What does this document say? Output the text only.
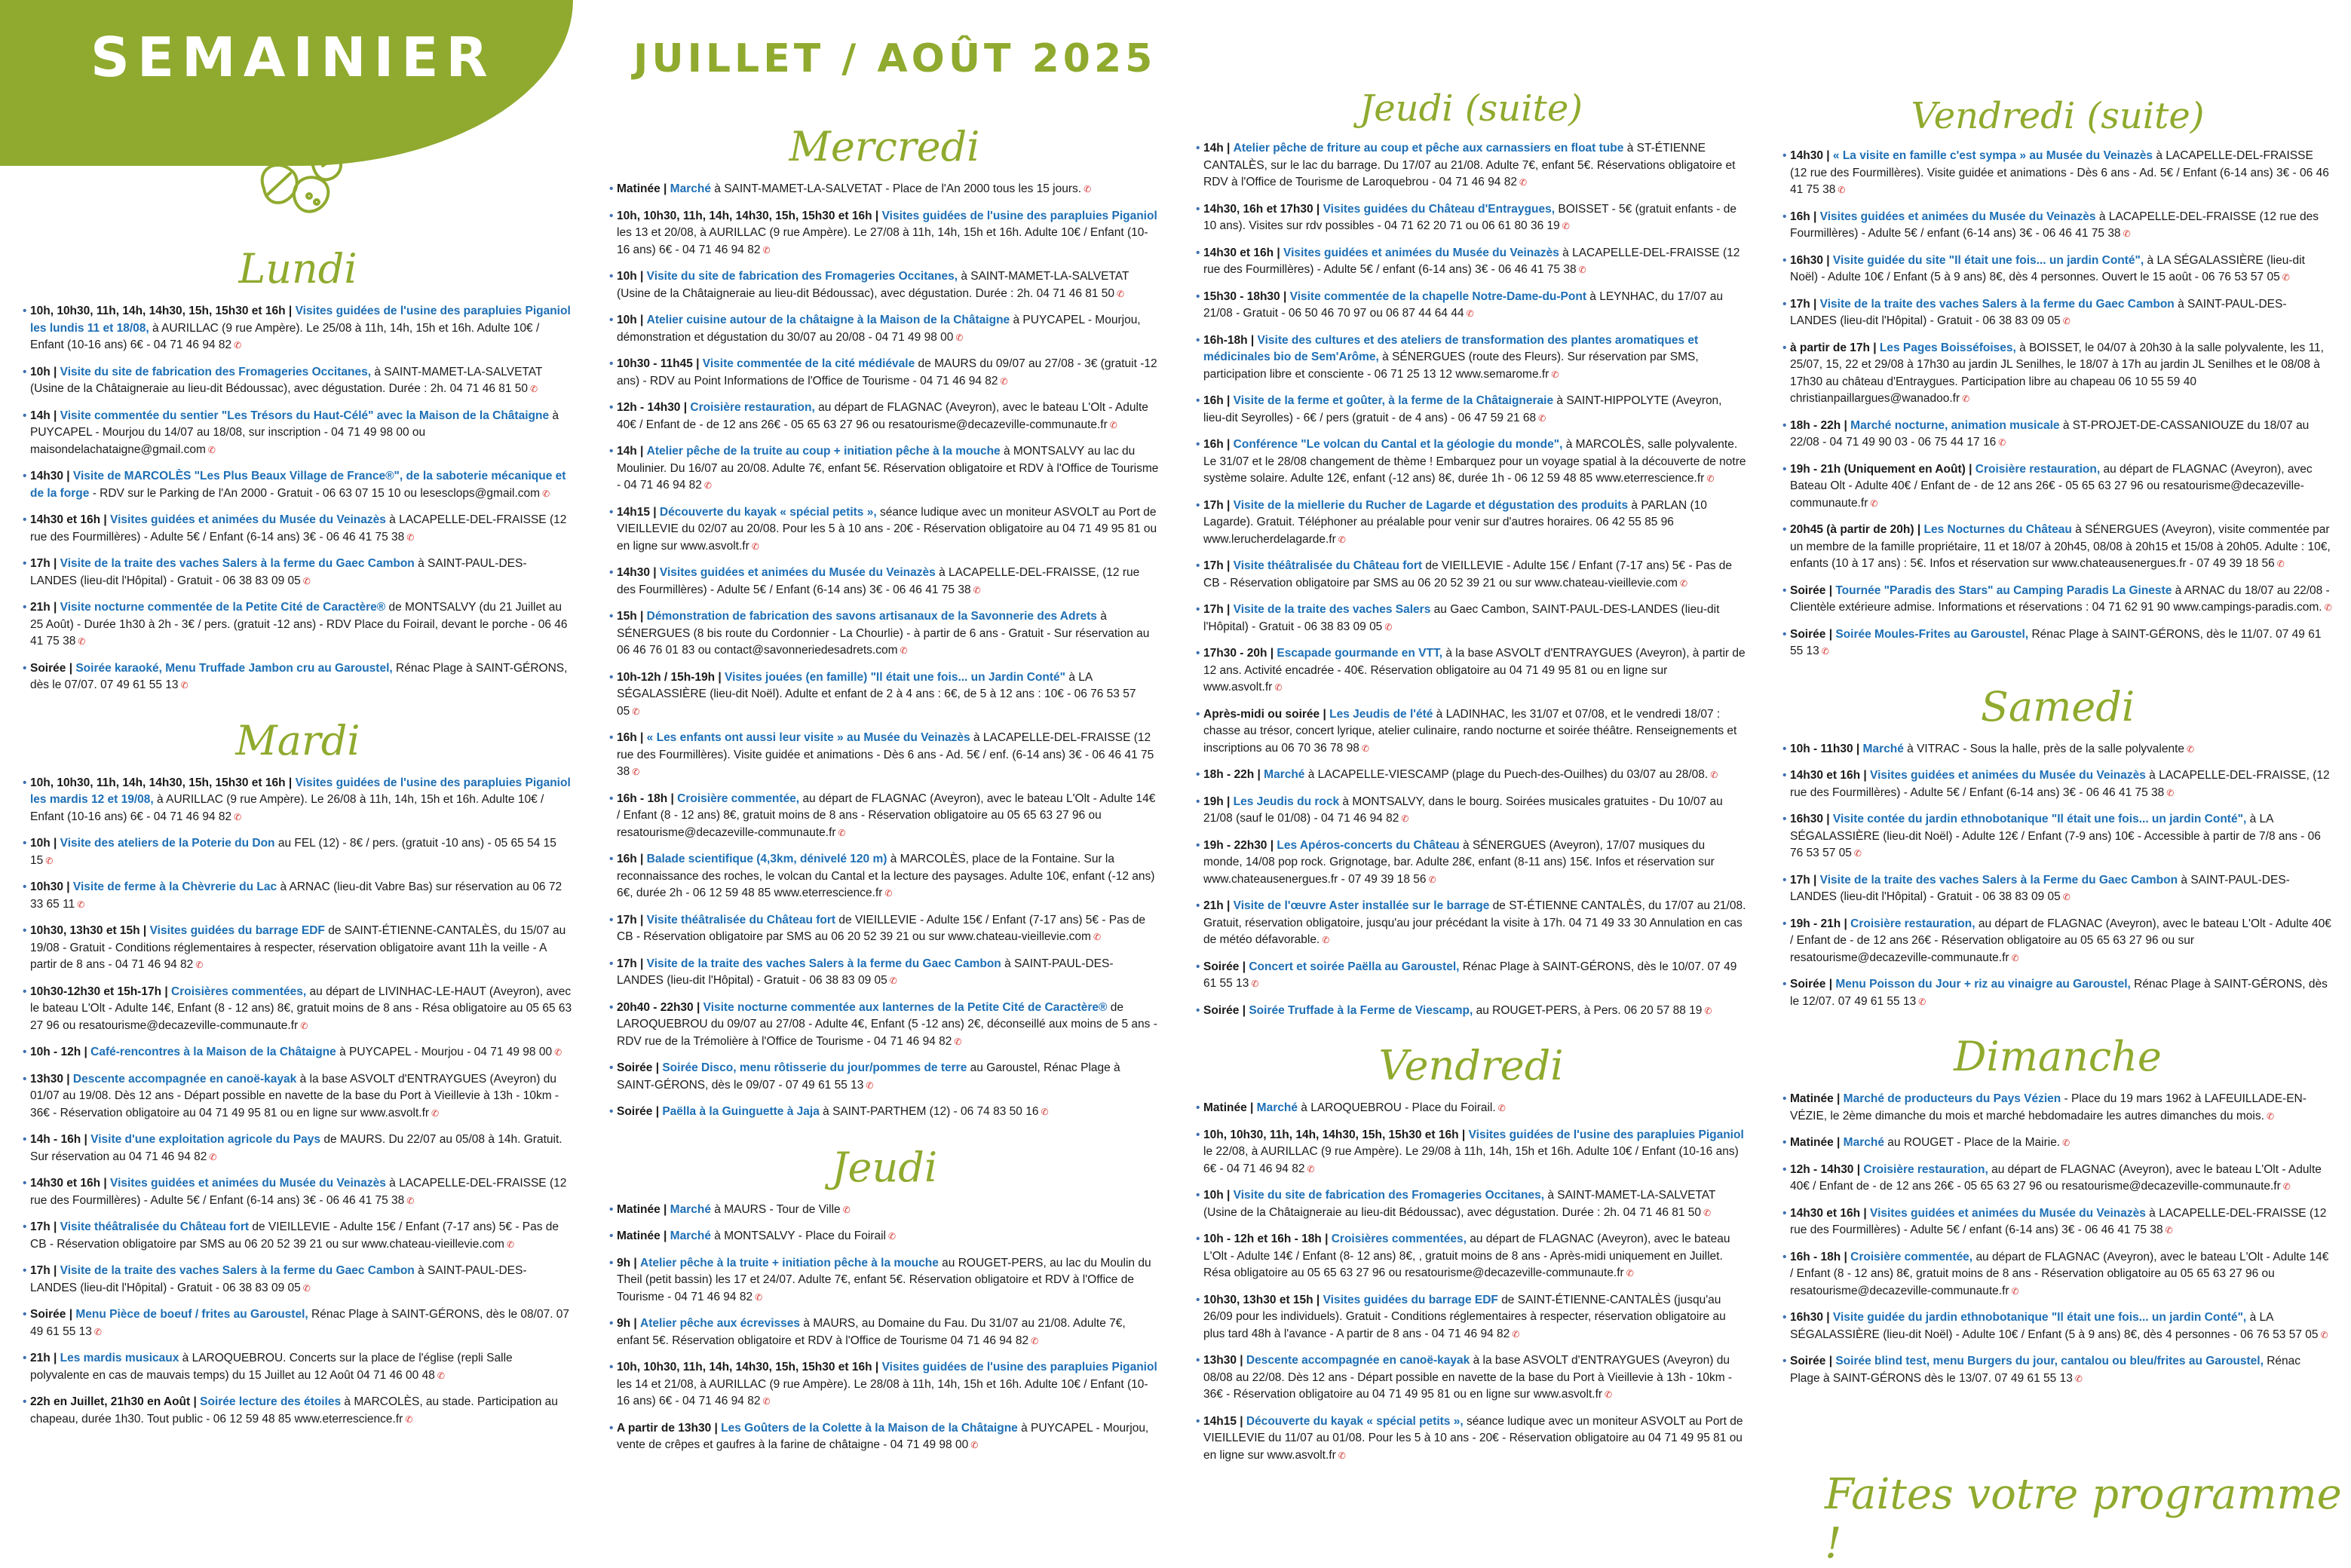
SEMAINIER	JUILLET / AOÛT 2025
Lundi

• 10h, 10h30, 11h, 14h, 14h30, 15h, 15h30 et 16h | Visites guidées de l'usine des parapluies Piganiol les lundis 11 et 18/08, à AURILLAC (9 rue Ampère). Le 25/08 à 11h, 14h, 15h et 16h. Adulte 10€ / Enfant (10-16 ans) 6€ - 04 71 46 94 82 ✆

• 10h | Visite du site de fabrication des Fromageries Occitanes, à SAINT-MAMET-LA-SALVETAT (Usine de la Châtaigneraie au lieu-dit Bédoussac), avec dégustation. Durée : 2h. 04 71 46 81 50 ✆

• 14h | Visite commentée du sentier "Les Trésors du Haut-Célé" avec la Maison de la Châtaigne à PUYCAPEL - Mourjou du 14/07 au 18/08, sur inscription - 04 71 49 98 00 ou maisondelachataigne@gmail.com ✆

• 14h30 | Visite de MARCOLÈS "Les Plus Beaux Village de France®", de la saboterie mécanique et de la forge - RDV sur le Parking de l'An 2000 - Gratuit - 06 63 07 15 10 ou lesesclops@gmail.com ✆

• 14h30 et 16h | Visites guidées et animées du Musée du Veinazès à LACAPELLE-DEL-FRAISSE (12 rue des Fourmillères) - Adulte 5€ / Enfant (6-14 ans) 3€ - 06 46 41 75 38 ✆

• 17h | Visite de la traite des vaches Salers à la ferme du Gaec Cambon à SAINT-PAUL-DES-LANDES (lieu-dit l'Hôpital) - Gratuit - 06 38 83 09 05 ✆

• 21h | Visite nocturne commentée de la Petite Cité de Caractère® de MONTSALVY (du 21 Juillet au 25 Août) - Durée 1h30 à 2h - 3€ / pers. (gratuit -12 ans) - RDV Place du Foirail, devant le porche - 06 46 41 75 38 ✆

• Soirée | Soirée karaoké, Menu Truffade Jambon cru au Garoustel, Rénac Plage à SAINT-GÉRONS, dès le 07/07. 07 49 61 55 13 ✆

Mardi

• 10h, 10h30, 11h, 14h, 14h30, 15h, 15h30 et 16h | Visites guidées de l'usine des parapluies Piganiol les mardis 12 et 19/08, à AURILLAC (9 rue Ampère). Le 26/08 à 11h, 14h, 15h et 16h. Adulte 10€ / Enfant (10-16 ans) 6€ - 04 71 46 94 82 ✆

• 10h | Visite des ateliers de la Poterie du Don au FEL (12) - 8€ / pers. (gratuit -10 ans) - 05 65 54 15 15 ✆

• 10h30 | Visite de ferme à la Chèvrerie du Lac à ARNAC (lieu-dit Vabre Bas) sur réservation au 06 72 33 65 11 ✆

• 10h30, 13h30 et 15h | Visites guidées du barrage EDF de SAINT-ÉTIENNE-CANTALÈS, du 15/07 au 19/08 - Gratuit - Conditions réglementaires à respecter, réservation obligatoire avant 11h la veille - A partir de 8 ans - 04 71 46 94 82 ✆

• 10h30-12h30 et 15h-17h | Croisières commentées, au départ de LIVINHAC-LE-HAUT (Aveyron), avec le bateau L'Olt - Adulte 14€, Enfant (8 - 12 ans) 8€, gratuit moins de 8 ans - Résa obligatoire au 05 65 63 27 96 ou resatourisme@decazeville-communaute.fr ✆

• 10h - 12h | Café-rencontres à la Maison de la Châtaigne à PUYCAPEL - Mourjou - 04 71 49 98 00 ✆

• 13h30 | Descente accompagnée en canoë-kayak à la base ASVOLT d'ENTRAYGUES (Aveyron) du 01/07 au 19/08. Dès 12 ans - Départ possible en navette de la base du Port à Vieillevie à 13h - 10km - 36€ - Réservation obligatoire au 04 71 49 95 81 ou en ligne sur www.asvolt.fr ✆

• 14h - 16h | Visite d'une exploitation agricole du Pays de MAURS. Du 22/07 au 05/08 à 14h. Gratuit. Sur réservation au 04 71 46 94 82 ✆

• 14h30 et 16h | Visites guidées et animées du Musée du Veinazès à LACAPELLE-DEL-FRAISSE (12 rue des Fourmillères) - Adulte 5€ / Enfant (6-14 ans) 3€ - 06 46 41 75 38 ✆

• 17h | Visite théâtralisée du Château fort de VIEILLEVIE - Adulte 15€ / Enfant (7-17 ans) 5€ - Pas de CB - Réservation obligatoire par SMS au 06 20 52 39 21 ou sur www.chateau-vieillevie.com ✆

• 17h | Visite de la traite des vaches Salers à la ferme du Gaec Cambon à SAINT-PAUL-DES-LANDES (lieu-dit l'Hôpital) - Gratuit - 06 38 83 09 05 ✆

• Soirée | Menu Pièce de boeuf / frites au Garoustel, Rénac Plage à SAINT-GÉRONS, dès le 08/07. 07 49 61 55 13 ✆

• 21h | Les mardis musicaux à LAROQUEBROU. Concerts sur la place de l'église (repli Salle polyvalente en cas de mauvais temps) du 15 Juillet au 12 Août 04 71 46 00 48 ✆

• 22h en Juillet, 21h30 en Août | Soirée lecture des étoiles à MARCOLÈS, au stade. Participation au chapeau, durée 1h30. Tout public - 06 12 59 48 85 www.eterrescience.fr ✆

Mercredi

• Matinée | Marché à SAINT-MAMET-LA-SALVETAT - Place de l'An 2000 tous les 15 jours. ✆

• 10h, 10h30, 11h, 14h, 14h30, 15h, 15h30 et 16h | Visites guidées de l'usine des parapluies Piganiol les 13 et 20/08, à AURILLAC (9 rue Ampère). Le 27/08 à 11h, 14h, 15h et 16h. Adulte 10€ / Enfant (10-16 ans) 6€ - 04 71 46 94 82 ✆

• 10h | Visite du site de fabrication des Fromageries Occitanes, à SAINT-MAMET-LA-SALVETAT (Usine de la Châtaigneraie au lieu-dit Bédoussac), avec dégustation. Durée : 2h. 04 71 46 81 50 ✆

• 10h | Atelier cuisine autour de la châtaigne à la Maison de la Châtaigne à PUYCAPEL - Mourjou, démonstration et dégustation du 30/07 au 20/08 - 04 71 49 98 00 ✆

• 10h30 - 11h45 | Visite commentée de la cité médiévale de MAURS du 09/07 au 27/08 - 3€ (gratuit -12 ans) - RDV au Point Informations de l'Office de Tourisme - 04 71 46 94 82 ✆

• 12h - 14h30 | Croisière restauration, au départ de FLAGNAC (Aveyron), avec le bateau L'Olt - Adulte 40€ / Enfant de - de 12 ans 26€ - 05 65 63 27 96 ou resatourisme@decazeville-communaute.fr ✆

• 14h | Atelier pêche de la truite au coup + initiation pêche à la mouche à MONTSALVY au lac du Moulinier. Du 16/07 au 20/08. Adulte 7€, enfant 5€. Réservation obligatoire et RDV à l'Office de Tourisme - 04 71 46 94 82 ✆

• 14h15 | Découverte du kayak « spécial petits », séance ludique avec un moniteur ASVOLT au Port de VIEILLEVIE du 02/07 au 20/08. Pour les 5 à 10 ans - 20€ - Réservation obligatoire au 04 71 49 95 81 ou en ligne sur www.asvolt.fr ✆

• 14h30 | Visites guidées et animées du Musée du Veinazès à LACAPELLE-DEL-FRAISSE, (12 rue des Fourmillères) - Adulte 5€ / Enfant (6-14 ans) 3€ - 06 46 41 75 38 ✆

• 15h | Démonstration de fabrication des savons artisanaux de la Savonnerie des Adrets à SÉNERGUES (8 bis route du Cordonnier - La Chourlie) - à partir de 6 ans - Gratuit - Sur réservation au 06 46 76 01 83 ou contact@savonneriedesadrets.com ✆

• 10h-12h / 15h-19h | Visites jouées (en famille) "Il était une fois... un Jardin Conté" à LA SÉGALASSIÈRE (lieu-dit Noël). Adulte et enfant de 2 à 4 ans : 6€, de 5 à 12 ans : 10€ - 06 76 53 57 05 ✆

• 16h | « Les enfants ont aussi leur visite » au Musée du Veinazès à LACAPELLE-DEL-FRAISSE (12 rue des Fourmillères). Visite guidée et animations - Dès 6 ans - Ad. 5€ / enf. (6-14 ans) 3€ - 06 46 41 75 38 ✆

• 16h - 18h | Croisière commentée, au départ de FLAGNAC (Aveyron), avec le bateau L'Olt - Adulte 14€ / Enfant (8 - 12 ans) 8€, gratuit moins de 8 ans - Réservation obligatoire au 05 65 63 27 96 ou resatourisme@decazeville-communaute.fr ✆

• 16h | Balade scientifique (4,3km, dénivelé 120 m) à MARCOLÈS, place de la Fontaine. Sur la reconnaissance des roches, le volcan du Cantal et la lecture des paysages. Adulte 10€, enfant (-12 ans) 6€, durée 2h - 06 12 59 48 85 www.eterrescience.fr ✆

• 17h | Visite théâtralisée du Château fort de VIEILLEVIE - Adulte 15€ / Enfant (7-17 ans) 5€ - Pas de CB - Réservation obligatoire par SMS au 06 20 52 39 21 ou sur www.chateau-vieillevie.com ✆

• 17h | Visite de la traite des vaches Salers à la ferme du Gaec Cambon à SAINT-PAUL-DES-LANDES (lieu-dit l'Hôpital) - Gratuit - 06 38 83 09 05 ✆

• 20h40 - 22h30 | Visite nocturne commentée aux lanternes de la Petite Cité de Caractère® de LAROQUEBROU du 09/07 au 27/08 - Adulte 4€, Enfant (5 -12 ans) 2€, déconseillé aux moins de 5 ans - RDV rue de la Trémolière à l'Office de Tourisme - 04 71 46 94 82 ✆

• Soirée | Soirée Disco, menu rôtisserie du jour/pommes de terre au Garoustel, Rénac Plage à SAINT-GÉRONS, dès le 09/07 - 07 49 61 55 13 ✆

• Soirée | Paëlla à la Guinguette à Jaja à SAINT-PARTHEM (12) - 06 74 83 50 16 ✆

Jeudi

• Matinée | Marché à MAURS - Tour de Ville ✆

• Matinée | Marché à MONTSALVY - Place du Foirail ✆

• 9h | Atelier pêche à la truite + initiation pêche à la mouche au ROUGET-PERS, au lac du Moulin du Theil (petit bassin) les 17 et 24/07. Adulte 7€, enfant 5€. Réservation obligatoire et RDV à l'Office de Tourisme - 04 71 46 94 82 ✆

• 9h | Atelier pêche aux écrevisses à MAURS, au Domaine du Fau. Du 31/07 au 21/08. Adulte 7€, enfant 5€. Réservation obligatoire et RDV à l'Office de Tourisme 04 71 46 94 82 ✆

• 10h, 10h30, 11h, 14h, 14h30, 15h, 15h30 et 16h | Visites guidées de l'usine des parapluies Piganiol les 14 et 21/08, à AURILLAC (9 rue Ampère). Le 28/08 à 11h, 14h, 15h et 16h. Adulte 10€ / Enfant (10-16 ans) 6€ - 04 71 46 94 82 ✆

• A partir de 13h30 | Les Goûters de la Colette à la Maison de la Châtaigne à PUYCAPEL - Mourjou, vente de crêpes et gaufres à la farine de châtaigne - 04 71 49 98 00 ✆

Jeudi (suite)

• 14h | Atelier pêche de friture au coup et pêche aux carnassiers en float tube à ST-ÉTIENNE CANTALÈS, sur le lac du barrage. Du 17/07 au 21/08. Adulte 7€, enfant 5€. Réservations obligatoire et RDV à l'Office de Tourisme de Laroquebrou - 04 71 46 94 82 ✆

• 14h30, 16h et 17h30 | Visites guidées du Château d'Entraygues, BOISSET - 5€ (gratuit enfants - de 10 ans). Visites sur rdv possibles - 04 71 62 20 71 ou 06 61 80 36 19 ✆

• 14h30 et 16h | Visites guidées et animées du Musée du Veinazès à LACAPELLE-DEL-FRAISSE (12 rue des Fourmillères) - Adulte 5€ / enfant (6-14 ans) 3€ - 06 46 41 75 38 ✆

• 15h30 - 18h30 | Visite commentée de la chapelle Notre-Dame-du-Pont à LEYNHAC, du 17/07 au 21/08 - Gratuit - 06 50 46 70 97 ou 06 87 44 64 44 ✆

• 16h-18h | Visite des cultures et des ateliers de transformation des plantes aromatiques et médicinales bio de Sem'Arôme, à SÉNERGUES (route des Fleurs). Sur réservation par SMS, participation libre et consciente - 06 71 25 13 12 www.semarome.fr ✆

• 16h | Visite de la ferme et goûter, à la ferme de la Châtaigneraie à SAINT-HIPPOLYTE (Aveyron, lieu-dit Seyrolles) - 6€ / pers (gratuit - de 4 ans) - 06 47 59 21 68 ✆

• 16h | Conférence "Le volcan du Cantal et la géologie du monde", à MARCOLÈS, salle polyvalente. Le 31/07 et le 28/08 changement de thème ! Embarquez pour un voyage spatial à la découverte de notre système solaire. Adulte 12€, enfant (-12 ans) 8€, durée 1h - 06 12 59 48 85 www.eterrescience.fr ✆

• 17h | Visite de la miellerie du Rucher de Lagarde et dégustation des produits à PARLAN (10 Lagarde). Gratuit. Téléphoner au préalable pour venir sur d'autres horaires. 06 42 55 85 96 www.lerucherdelagarde.fr ✆

• 17h | Visite théâtralisée du Château fort de VIEILLEVIE - Adulte 15€ / Enfant (7-17 ans) 5€ - Pas de CB - Réservation obligatoire par SMS au 06 20 52 39 21 ou sur www.chateau-vieillevie.com ✆

• 17h | Visite de la traite des vaches Salers au Gaec Cambon, SAINT-PAUL-DES-LANDES (lieu-dit l'Hôpital) - Gratuit - 06 38 83 09 05 ✆

• 17h30 - 20h | Escapade gourmande en VTT, à la base ASVOLT d'ENTRAYGUES (Aveyron), à partir de 12 ans. Activité encadrée - 40€. Réservation obligatoire au 04 71 49 95 81 ou en ligne sur www.asvolt.fr ✆

• Après-midi ou soirée | Les Jeudis de l'été à LADINHAC, les 31/07 et 07/08, et le vendredi 18/07 : chasse au trésor, concert lyrique, atelier culinaire, rando nocturne et soirée théâtre. Renseignements et inscriptions au 06 70 36 78 98 ✆

• 18h - 22h | Marché à LACAPELLE-VIESCAMP (plage du Puech-des-Ouilhes) du 03/07 au 28/08. ✆

• 19h | Les Jeudis du rock à MONTSALVY, dans le bourg. Soirées musicales gratuites - Du 10/07 au 21/08 (sauf le 01/08) - 04 71 46 94 82 ✆

• 19h - 22h30 | Les Apéros-concerts du Château à SÉNERGUES (Aveyron), 17/07 musiques du monde, 14/08 pop rock. Grignotage, bar. Adulte 28€, enfant (8-11 ans) 15€. Infos et réservation sur www.chateausenergues.fr - 07 49 39 18 56 ✆

• 21h | Visite de l'œuvre Aster installée sur le barrage de ST-ÉTIENNE CANTALÈS, du 17/07 au 21/08. Gratuit, réservation obligatoire, jusqu'au jour précédant la visite à 17h. 04 71 49 33 30 Annulation en cas de météo défavorable. ✆

• Soirée | Concert et soirée Paëlla au Garoustel, Rénac Plage à SAINT-GÉRONS, dès le 10/07. 07 49 61 55 13 ✆

• Soirée | Soirée Truffade à la Ferme de Viescamp, au ROUGET-PERS, à Pers. 06 20 57 88 19 ✆

Vendredi

• Matinée | Marché à LAROQUEBROU - Place du Foirail. ✆

• 10h, 10h30, 11h, 14h, 14h30, 15h, 15h30 et 16h | Visites guidées de l'usine des parapluies Piganiol le 22/08, à AURILLAC (9 rue Ampère). Le 29/08 à 11h, 14h, 15h et 16h. Adulte 10€ / Enfant (10-16 ans) 6€ - 04 71 46 94 82 ✆

• 10h | Visite du site de fabrication des Fromageries Occitanes, à SAINT-MAMET-LA-SALVETAT (Usine de la Châtaigneraie au lieu-dit Bédoussac), avec dégustation. Durée : 2h. 04 71 46 81 50 ✆

• 10h - 12h et 16h - 18h | Croisières commentées, au départ de FLAGNAC (Aveyron), avec le bateau L'Olt - Adulte 14€ / Enfant (8- 12 ans) 8€, , gratuit moins de 8 ans - Après-midi uniquement en Juillet. Résa obligatoire au 05 65 63 27 96 ou resatourisme@decazeville-communaute.fr ✆

• 10h30, 13h30 et 15h | Visites guidées du barrage EDF de SAINT-ÉTIENNE-CANTALÈS (jusqu'au 26/09 pour les individuels). Gratuit - Conditions réglementaires à respecter, réservation obligatoire au plus tard 48h à l'avance - A partir de 8 ans - 04 71 46 94 82 ✆

• 13h30 | Descente accompagnée en canoë-kayak à la base ASVOLT d'ENTRAYGUES (Aveyron) du 08/08 au 22/08. Dès 12 ans - Départ possible en navette de la base du Port à Vieillevie à 13h - 10km - 36€ - Réservation obligatoire au 04 71 49 95 81 ou en ligne sur www.asvolt.fr ✆

• 14h15 | Découverte du kayak « spécial petits », séance ludique avec un moniteur ASVOLT au Port de VIEILLEVIE du 11/07 au 01/08. Pour les 5 à 10 ans - 20€ - Réservation obligatoire au 04 71 49 95 81 ou en ligne sur www.asvolt.fr ✆

Vendredi (suite)

• 14h30 | « La visite en famille c'est sympa » au Musée du Veinazès à LACAPELLE-DEL-FRAISSE (12 rue des Fourmillères). Visite guidée et animations - Dès 6 ans - Ad. 5€ / Enfant (6-14 ans) 3€ - 06 46 41 75 38 ✆

• 16h | Visites guidées et animées du Musée du Veinazès à LACAPELLE-DEL-FRAISSE (12 rue des Fourmillères) - Adulte 5€ / enfant (6-14 ans) 3€ - 06 46 41 75 38 ✆

• 16h30 | Visite guidée du site "Il était une fois... un jardin Conté", à LA SÉGALASSIÈRE (lieu-dit Noël) - Adulte 10€ / Enfant (5 à 9 ans) 8€, dès 4 personnes. Ouvert le 15 août - 06 76 53 57 05 ✆

• 17h | Visite de la traite des vaches Salers à la ferme du Gaec Cambon à SAINT-PAUL-DES-LANDES (lieu-dit l'Hôpital) - Gratuit - 06 38 83 09 05 ✆

• à partir de 17h | Les Pages Boisséfoises, à BOISSET, le 04/07 à 20h30 à la salle polyvalente, les 11, 25/07, 15, 22 et 29/08 à 17h30 au jardin JL Senilhes, le 18/07 à 17h au jardin JL Senilhes et le 08/08 à 17h30 au château d'Entraygues. Participation libre au chapeau 06 10 55 59 40 christianpaillargues@wanadoo.fr ✆

• 18h - 22h | Marché nocturne, animation musicale à ST-PROJET-DE-CASSANIOUZE du 18/07 au 22/08 - 04 71 49 90 03 - 06 75 44 17 16 ✆

• 19h - 21h (Uniquement en Août) | Croisière restauration, au départ de FLAGNAC (Aveyron), avec Bateau Olt - Adulte 40€ / Enfant de - de 12 ans 26€ - 05 65 63 27 96 ou resatourisme@decazeville-communaute.fr ✆

• 20h45 (à partir de 20h) | Les Nocturnes du Château à SÉNERGUES (Aveyron), visite commentée par un membre de la famille propriétaire, 11 et 18/07 à 20h45, 08/08 à 20h15 et 15/08 à 20h05. Adulte : 10€, enfants (10 à 17 ans) : 5€. Infos et réservation sur www.chateausenergues.fr - 07 49 39 18 56 ✆

• Soirée | Tournée "Paradis des Stars" au Camping Paradis La Gineste à ARNAC du 18/07 au 22/08 - Clientèle extérieure admise. Informations et réservations : 04 71 62 91 90 www.campings-paradis.com. ✆

• Soirée | Soirée Moules-Frites au Garoustel, Rénac Plage à SAINT-GÉRONS, dès le 11/07. 07 49 61 55 13 ✆

Samedi

• 10h - 11h30 | Marché à VITRAC - Sous la halle, près de la salle polyvalente ✆

• 14h30 et 16h | Visites guidées et animées du Musée du Veinazès à LACAPELLE-DEL-FRAISSE, (12 rue des Fourmillères) - Adulte 5€ / Enfant (6-14 ans) 3€ - 06 46 41 75 38 ✆

• 16h30 | Visite contée du jardin ethnobotanique "Il était une fois... un jardin Conté", à LA SÉGALASSIÈRE (lieu-dit Noël) - Adulte 12€ / Enfant (7-9 ans) 10€ - Accessible à partir de 7/8 ans - 06 76 53 57 05 ✆

• 17h | Visite de la traite des vaches Salers à la Ferme du Gaec Cambon à SAINT-PAUL-DES-LANDES (lieu-dit l'Hôpital) - Gratuit - 06 38 83 09 05 ✆

• 19h - 21h | Croisière restauration, au départ de FLAGNAC (Aveyron), avec le bateau L'Olt - Adulte 40€ / Enfant de - de 12 ans 26€ - Réservation obligatoire au 05 65 63 27 96 ou sur resatourisme@decazeville-communaute.fr ✆

• Soirée | Menu Poisson du Jour + riz au vinaigre au Garoustel, Rénac Plage à SAINT-GÉRONS, dès le 12/07. 07 49 61 55 13 ✆

Dimanche

• Matinée | Marché de producteurs du Pays Vézien - Place du 19 mars 1962 à LAFEUILLADE-EN-VÉZIE, le 2ème dimanche du mois et marché hebdomadaire les autres dimanches du mois. ✆

• Matinée | Marché au ROUGET - Place de la Mairie. ✆

• 12h - 14h30 | Croisière restauration, au départ de FLAGNAC (Aveyron), avec le bateau L'Olt - Adulte 40€ / Enfant de - de 12 ans 26€ - 05 65 63 27 96 ou resatourisme@decazeville-communaute.fr ✆

• 14h30 et 16h | Visites guidées et animées du Musée du Veinazès à LACAPELLE-DEL-FRAISSE (12 rue des Fourmillères) - Adulte 5€ / enfant (6-14 ans) 3€ - 06 46 41 75 38 ✆

• 16h - 18h | Croisière commentée, au départ de FLAGNAC (Aveyron), avec le bateau L'Olt - Adulte 14€ / Enfant (8 - 12 ans) 8€, gratuit moins de 8 ans - Réservation obligatoire au 05 65 63 27 96 ou resatourisme@decazeville-communaute.fr ✆

• 16h30 | Visite guidée du jardin ethnobotanique "Il était une fois... un jardin Conté", à LA SÉGALASSIÈRE (lieu-dit Noël) - Adulte 10€ / Enfant (5 à 9 ans) 8€, dès 4 personnes - 06 76 53 57 05 ✆

• Soirée | Soirée blind test, menu Burgers du jour, cantalou ou bleu/frites au Garoustel, Rénac Plage à SAINT-GÉRONS dès le 13/07. 07 49 61 55 13 ✆

Faites votre programme !
